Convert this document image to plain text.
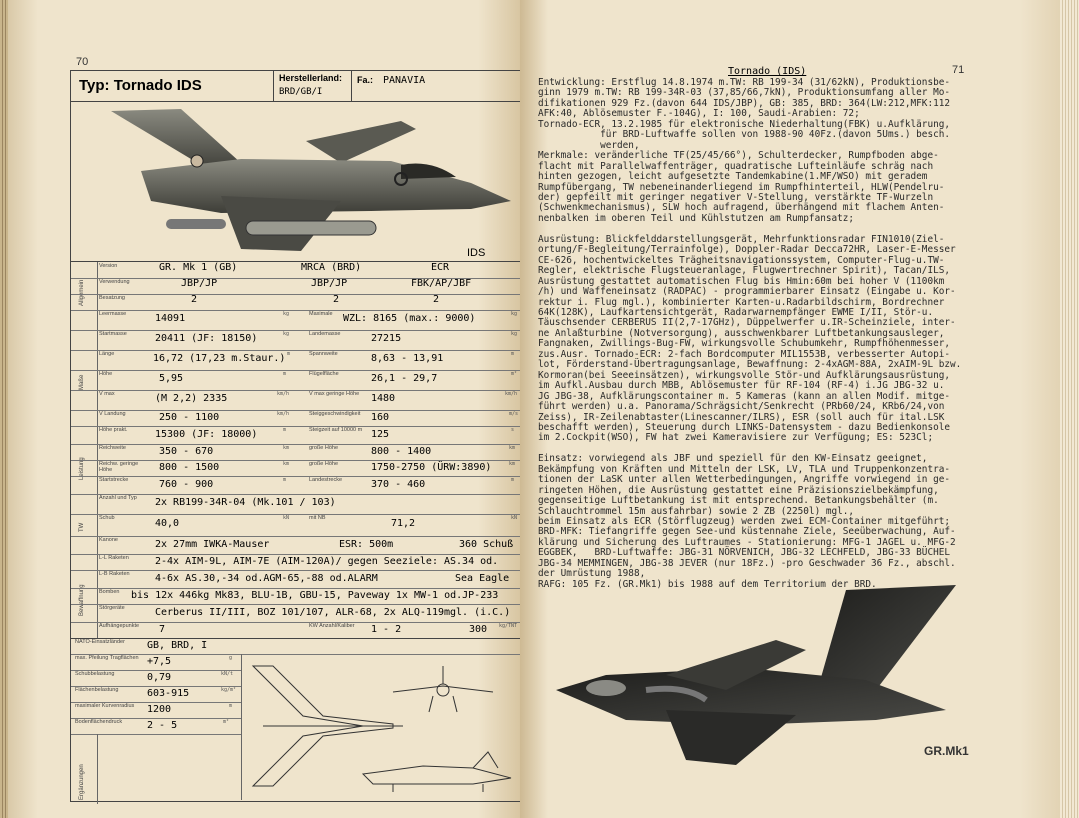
70
Typ: Tornado IDS	Herstellerland:
BRD/GB/I
Fa.: PANAVIA
IDS
Allgemein
Maße
Leistung
TW
Bewaffnung
Version	GR. Mk 1 (GB)	MRCA (BRD)	ECR
Verwendung	JBP/JP	JBP/JP	FBK/AP/JBF
Besatzung	2	2	2
Leermasse	14091	kg	Maximale	WZL: 8165 (max.: 9000)	kg
Startmasse	20411 (JF: 18150)	kg	Landemasse	27215	kg
Länge	16,72 (17,23 m.Staur.) m	Spannweite	8,63 - 13,91	m
Höhe	5,95	m	Flügelfläche	26,1 - 29,7	m²
V max	(M 2,2) 2335	km/h	V max geringe Höhe	1480	km/h
V Landung	250 - 1100	km/h	Steiggeschwindigkeit	160	m/s
Höhe prakt.	15300 (JF: 18000)	m	Steigzeit auf 10000 m 125	s
Reichweite	350 - 670	km	große Höhe	800 - 1400	km
Reichw. geringe Höhe	800 - 1500	km	große Höhe	1750-2750 (ÜRW:3890)	km
Startstrecke	760 - 900	m	Landestrecke	370 - 460	m
Anzahl und Typ	2x RB199-34R-04 (Mk.101 / 103)
Schub	40,0	kN	mit NB	71,2	kN
Kanone	2x 27mm IWKA-Mauser	ESR: 500m	360 Schuß
L-L Raketen	2-4x AIM-9L, AIM-7E (AIM-120A)/ gegen Seeziele: AS.34 od.
L-B Raketen	4-6x AS.30,-34 od.AGM-65,-88 od.ALARM	Sea Eagle
Bomben	bis 12x 446kg Mk83, BLU-1B, GBU-15, Paveway 1x MW-1 od.JP-233
Störgeräte	Cerberus II/III, BOZ 101/107, ALR-68, 2x ALQ-119mgl. (i.C.)
Aufhängepunkte	7	KW Anzahl/Kaliber	1 - 2	300 kg/TNT
NATO-Einsatzländer	GB, BRD, I
max. Pfeilung Tragflächen +7,5	g
Schubbelastung	0,79	kN/t
Flächenbelastung	603-915	kg/m²
maximaler Kurvenradius	1200	m
Bodenflächendruck	2 - 5	m²
Ergänzungen
71
Tornado (IDS)
Entwicklung: Erstflug 14.8.1974 m.TW: RB 199-34 (31/62kN), Produktionsbe-
ginn 1979 m.TW: RB 199-34R-03 (37,85/66,7kN), Produktionsumfang aller Mo-
difikationen 929 Fz.(davon 644 IDS/JBP), GB: 385, BRD: 364(LW:212,MFK:112
AFK:40, Ablösemuster F.-104G), I: 100, Saudi-Arabien: 72;
Tornado-ECR, 13.2.1985 für elektronische Niederhaltung(FBK) u.Aufklärung,
für BRD-Luftwaffe sollen von 1988-90 40Fz.(davon 5Ums.) besch.
werden,
Merkmale: veränderliche TF(25/45/66°), Schulterdecker, Rumpfboden abge-
flacht mit Parallelwaffenträger, quadratische Lufteinläufe schräg nach
hinten gezogen, leicht aufgesetzte Tandemkabine(1.MF/WSO) mit geradem
Rumpfübergang, TW nebeneinanderliegend im Rumpfhinterteil, HLW(Pendelru-
der) gepfeilt mit geringer negativer V-Stellung, verstärkte TF-Wurzeln
(Schwenkmechanismus), SLW hoch aufragend, überhängend mit flachem Anten-
nenbalken im oberen Teil und Kühlstutzen am Rumpfansatz;

Ausrüstung: Blickfelddarstellungsgerät, Mehrfunktionsradar FIN1010(Ziel-
ortung/F-Begleitung/Terrainfolge), Doppler-Radar Decca72HR, Laser-E-Messer
CE-626, hochentwickeltes Trägheitsnavigationssystem, Computer-Flug-u.TW-
Regler, elektrische Flugsteueranlage, Flugwertrechner Spirit), Tacan/ILS,
Ausrüstung gestattet automatischen Flug bis Hmin:60m bei hoher V (1100km
/h) und Waffeneinsatz (RADPAC) - programmierbarer Einsatz (Eingabe u. Kor-
rektur i. Flug mgl.), kombinierter Karten-u.Radarbildschirm, Bordrechner
64K(128K), Laufkartensichtgerät, Radarwarnempfänger EWME I/II, Stör-u.
Täuschsender CERBERUS II(2,7-17GHz), Düppelwerfer u.IR-Scheinziele, inter-
ne Anlaßturbine (Notversorgung), ausschwenkbarer Luftbetankungsausleger,
Fangnaken, Zwillings-Bug-FW, wirkungsvolle Schubumkehr, Rumpfhöhenmesser,
zus.Ausr. Tornado-ECR: 2-fach Bordcomputer MIL1553B, verbesserter Autopi-
lot, Förderstand-Übertragungsanlage, Bewaffnung: 2-4xAGM-88A, 2xAIM-9L bzw.
Kormoran(bei Seeeinsätzen), wirkungsvolle Stör-und Aufklärungsausrüstung,
im Aufkl.Ausbau durch MBB, Ablösemuster für RF-104 (RF-4) i.JG JBG-32 u.
JG JBG-38, Aufklärungscontainer m. 5 Kameras (kann an allen Modif. mitge-
führt werden) u.a. Panorama/Schrägsicht/Senkrecht (PRb60/24, KRb6/24,von
Zeiss), IR-Zeilenabtaster(Linescanner/ILRS), ESR (soll auch für ital.LSK
beschafft werden), Steuerung durch LINKS-Datensystem - dazu Bedienkonsole
im 2.Cockpit(WSO), FW hat zwei Kameravisiere zur Verfügung; ES: 523Cl;

Einsatz: vorwiegend als JBF und speziell für den KW-Einsatz geeignet,
Bekämpfung von Kräften und Mitteln der LSK, LV, TLA und Truppenkonzentra-
tionen der LaSK unter allen Wetterbedingungen, Angriffe vorwiegend in ge-
ringeten Höhen, die Ausrüstung gestattet eine Präzisionszielbekämpfung,
gegenseitige Luftbetankung ist mit entsprechend. Betankungsbehälter (m.
Schlauchtrommel 15m ausfahrbar) sowie 2 ZB (2250l) mgl.,
beim Einsatz als ECR (Störflugzeug) werden zwei ECM-Container mitgeführt;
BRD-MFK: Tiefangriffe gegen See-und küstennahe Ziele, Seeüberwachung, Auf-
klärung und Sicherung des Luftraumes - Stationierung: MFG-1 JAGEL u. MFG-2
EGGBEK,   BRD-Luftwaffe: JBG-31 NÖRVENICH, JBG-32 LECHFELD, JBG-33 BÜCHEL
JBG-34 MEMMINGEN, JBG-38 JEVER (nur 18Fz.) -pro Geschwader 36 Fz., abschl.
der Umrüstung 1988,
RAFG: 105 Fz. (GR.Mk1) bis 1988 auf dem Territorium der BRD.
GR.Mk1
